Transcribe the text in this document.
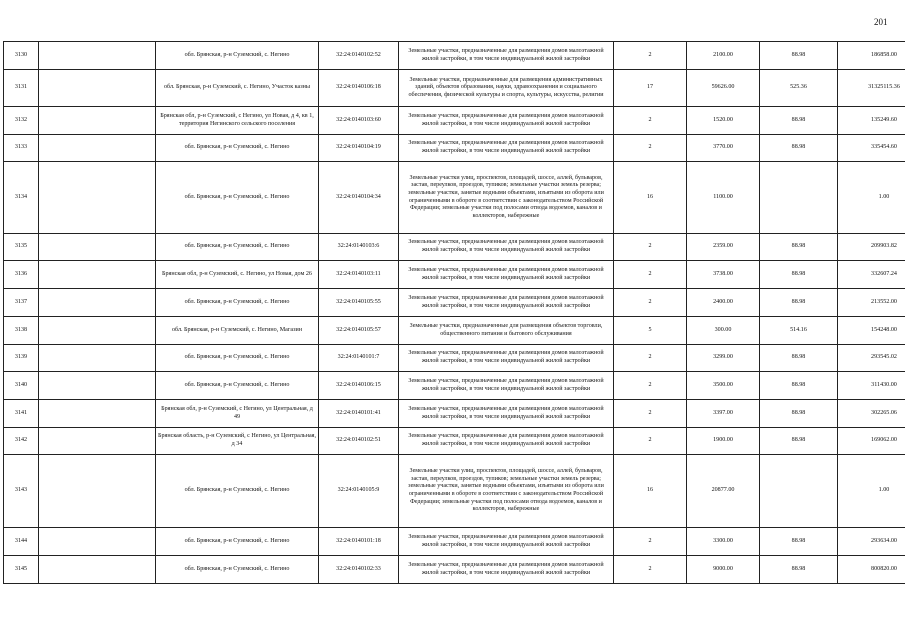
201
3130		обл. Брянская, р-н Суземский, с. Негино	32:24:0140102:52	Земельные участки, предназначенные для размещения домов малоэтажной жилой застройки, в том числе индивидуальной жилой застройки	2	2100.00	88.98	186858.00
3131		обл. Брянская, р-н Суземский, с. Негино, Участок казны	32:24:0140106:18	Земельные участки, предназначенные для размещения административных зданий, объектов образования, науки, здравоохранения и социального обеспечения, физической культуры и спорта, культуры, искусства, религии	17	59626.00	525.36	31325115.36
3132		Брянская обл, р-н Суземский, с Негино, ул Новая, д 4, кв 1, территория Негинского сельского поселения	32:24:0140103:60	Земельные участки, предназначенные для размещения домов малоэтажной жилой застройки, в том числе индивидуальной жилой застройки	2	1520.00	88.98	135249.60
3133		обл. Брянская, р-н Суземский, с. Негино	32:24:0140104:19	Земельные участки, предназначенные для размещения домов малоэтажной жилой застройки, в том числе индивидуальной жилой застройки	2	3770.00	88.98	335454.60
3134		обл. Брянская, р-н Суземский, с. Негино	32:24:0140104:34	Земельные участки улиц, проспектов, площадей, шоссе, аллей, бульваров, застав, переулков, проездов, тупиков; земельные участки земель резерва; земельные участки, занятые водными объектами, изъятыми из оборота или ограниченными в обороте в соответствии с законодательством Российской Федерации; земельные участки под полосами отвода водоемов, каналов и коллекторов, набережные	16	1100.00		1.00
3135		обл. Брянская, р-н Суземский, с. Негино	32:24:0140103:6	Земельные участки, предназначенные для размещения домов малоэтажной жилой застройки, в том числе индивидуальной жилой застройки	2	2359.00	88.98	209903.82
3136		Брянская обл, р-н Суземский, с. Негино, ул Новая, дом 26	32:24:0140103:11	Земельные участки, предназначенные для размещения домов малоэтажной жилой застройки, в том числе индивидуальной жилой застройки	2	3738.00	88.98	332607.24
3137		обл. Брянская, р-н Суземский, с. Негино	32:24:0140105:55	Земельные участки, предназначенные для размещения домов малоэтажной жилой застройки, в том числе индивидуальной жилой застройки	2	2400.00	88.98	213552.00
3138		обл. Брянская, р-н Суземский, с. Негино, Магазин	32:24:0140105:57	Земельные участки, предназначенные для размещения объектов торговли, общественного питания и бытового обслуживания	5	300.00	514.16	154248.00
3139		обл. Брянская, р-н Суземский, с. Негино	32:24:0140101:7	Земельные участки, предназначенные для размещения домов малоэтажной жилой застройки, в том числе индивидуальной жилой застройки	2	3299.00	88.98	293545.02
3140		обл. Брянская, р-н Суземский, с. Негино	32:24:0140106:15	Земельные участки, предназначенные для размещения домов малоэтажной жилой застройки, в том числе индивидуальной жилой застройки	2	3500.00	88.98	311430.00
3141		Брянская обл, р-н Суземский, с Негино, ул Центральная, д 49	32:24:0140101:41	Земельные участки, предназначенные для размещения домов малоэтажной жилой застройки, в том числе индивидуальной жилой застройки	2	3397.00	88.98	302265.06
3142		Брянская область, р-н Суземский, с Негино, ул Центральная, д 34	32:24:0140102:51	Земельные участки, предназначенные для размещения домов малоэтажной жилой застройки, в том числе индивидуальной жилой застройки	2	1900.00	88.98	169062.00
3143		обл. Брянская, р-н Суземский, с. Негино	32:24:0140105:9	Земельные участки улиц, проспектов, площадей, шоссе, аллей, бульваров, застав, переулков, проездов, тупиков; земельные участки земель резерва; земельные участки, занятые водными объектами, изъятыми из оборота или ограниченными в обороте в соответствии с законодательством Российской Федерации; земельные участки под полосами отвода водоемов, каналов и коллекторов, набережные	16	20877.00		1.00
3144		обл. Брянская, р-н Суземский, с. Негино	32:24:0140101:18	Земельные участки, предназначенные для размещения домов малоэтажной жилой застройки, в том числе индивидуальной жилой застройки	2	3300.00	88.98	293634.00
3145		обл. Брянская, р-н Суземский, с. Негино	32:24:0140102:33	Земельные участки, предназначенные для размещения домов малоэтажной жилой застройки, в том числе индивидуальной жилой застройки	2	9000.00	88.98	800820.00
